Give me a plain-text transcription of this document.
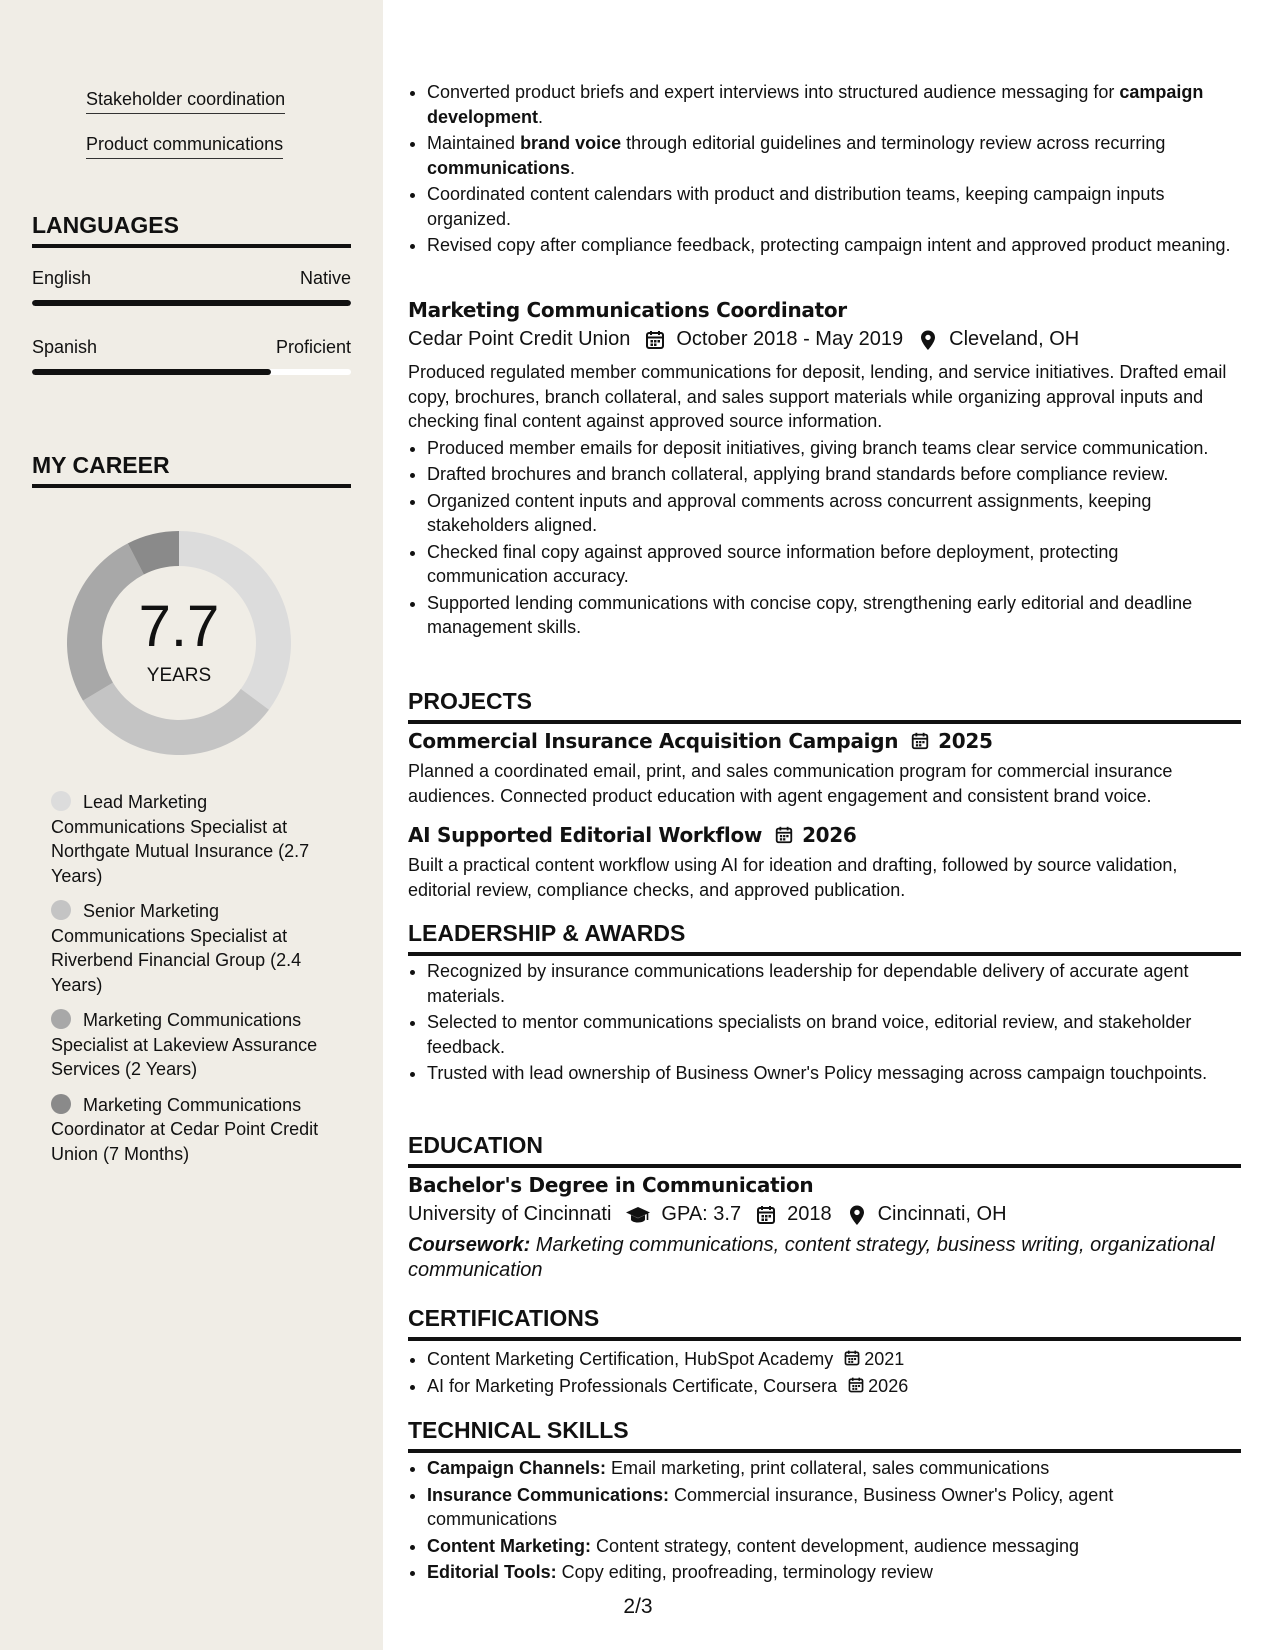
Stakeholder coordination
Product communications
LANGUAGES
English	Native
Spanish	Proficient
MY CAREER
7.7
YEARS
Lead Marketing Communications Specialist at Northgate Mutual Insurance (2.7 Years)
Senior Marketing Communications Specialist at Riverbend Financial Group (2.4 Years)
Marketing Communications Specialist at Lakeview Assurance Services (2 Years)
Marketing Communications Coordinator at Cedar Point Credit Union (7 Months)
• Converted product briefs and expert interviews into structured audience messaging for campaign development.
• Maintained brand voice through editorial guidelines and terminology review across recurring communications.
• Coordinated content calendars with product and distribution teams, keeping campaign inputs organized.
• Revised copy after compliance feedback, protecting campaign intent and approved product meaning.
Marketing Communications Coordinator
Cedar Point Credit Union October 2018 - May 2019 Cleveland, OH
Produced regulated member communications for deposit, lending, and service initiatives. Drafted email copy, brochures, branch collateral, and sales support materials while organizing approval inputs and checking final content against approved source information.
• Produced member emails for deposit initiatives, giving branch teams clear service communication.
• Drafted brochures and branch collateral, applying brand standards before compliance review.
• Organized content inputs and approval comments across concurrent assignments, keeping stakeholders aligned.
• Checked final copy against approved source information before deployment, protecting communication accuracy.
• Supported lending communications with concise copy, strengthening early editorial and deadline management skills.
PROJECTS
Commercial Insurance Acquisition Campaign 2025
Planned a coordinated email, print, and sales communication program for commercial insurance audiences. Connected product education with agent engagement and consistent brand voice.
AI Supported Editorial Workflow 2026
Built a practical content workflow using AI for ideation and drafting, followed by source validation, editorial review, compliance checks, and approved publication.
LEADERSHIP & AWARDS
• Recognized by insurance communications leadership for dependable delivery of accurate agent materials.
• Selected to mentor communications specialists on brand voice, editorial review, and stakeholder feedback.
• Trusted with lead ownership of Business Owner's Policy messaging across campaign touchpoints.
EDUCATION
Bachelor's Degree in Communication
University of Cincinnati	GPA: 3.7 2018 Cincinnati, OH
Coursework: Marketing communications, content strategy, business writing, organizational communication
CERTIFICATIONS
• Content Marketing Certification, HubSpot Academy 2021
• AI for Marketing Professionals Certificate, Coursera 2026
TECHNICAL SKILLS
• Campaign Channels: Email marketing, print collateral, sales communications
• Insurance Communications: Commercial insurance, Business Owner's Policy, agent communications
• Content Marketing: Content strategy, content development, audience messaging
• Editorial Tools: Copy editing, proofreading, terminology review
2/3
